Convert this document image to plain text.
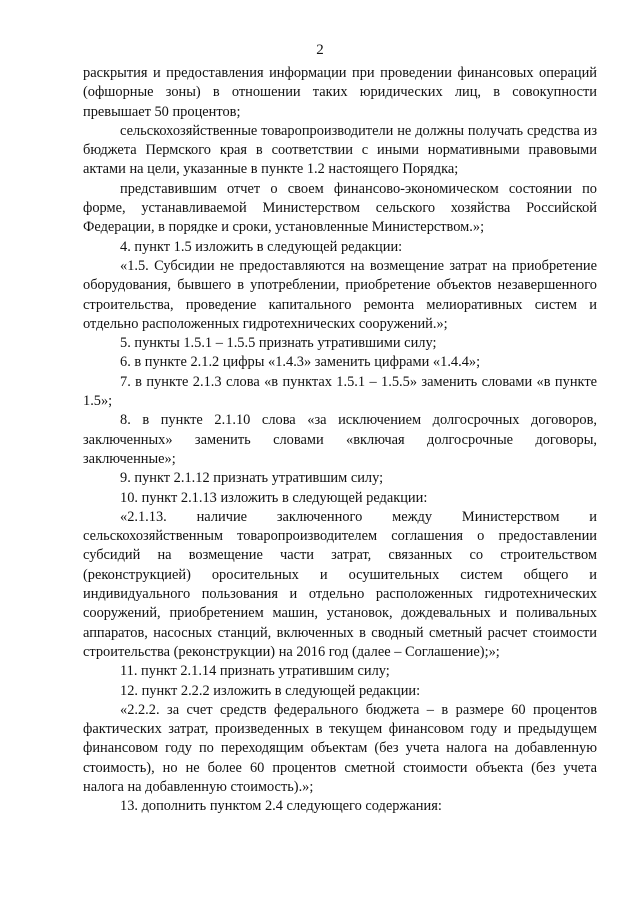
2

раскрытия и предоставления информации при проведении финансовых операций (офшорные зоны) в отношении таких юридических лиц, в совокупности превышает 50 процентов;

сельскохозяйственные товаропроизводители не должны получать средства из бюджета Пермского края в соответствии с иными нормативными правовыми актами на цели, указанные в пункте 1.2 настоящего Порядка;

представившим отчет о своем финансово-экономическом состоянии по форме, устанавливаемой Министерством сельского хозяйства Российской Федерации, в порядке и сроки, установленные Министерством.»;

4. пункт 1.5 изложить в следующей редакции:

«1.5. Субсидии не предоставляются на возмещение затрат на приобретение оборудования, бывшего в употреблении, приобретение объектов незавершенного строительства, проведение капитального ремонта мелиоративных систем и отдельно расположенных гидротехнических сооружений.»;

5. пункты 1.5.1 – 1.5.5 признать утратившими силу;

6. в пункте 2.1.2 цифры «1.4.3» заменить цифрами «1.4.4»;

7. в пункте 2.1.3 слова «в пунктах 1.5.1 – 1.5.5» заменить словами «в пункте 1.5»;

8. в пункте 2.1.10 слова «за исключением долгосрочных договоров, заключенных» заменить словами «включая долгосрочные договоры, заключенные»;

9. пункт 2.1.12 признать утратившим силу;

10. пункт 2.1.13 изложить в следующей редакции:

«2.1.13. наличие заключенного между Министерством и сельскохозяйственным товаропроизводителем соглашения о предоставлении субсидий на возмещение части затрат, связанных со строительством (реконструкцией) оросительных и осушительных систем общего и индивидуального пользования и отдельно расположенных гидротехнических сооружений, приобретением машин, установок, дождевальных и поливальных аппаратов, насосных станций, включенных в сводный сметный расчет стоимости строительства (реконструкции) на 2016 год (далее – Соглашение);»;

11. пункт 2.1.14 признать утратившим силу;

12. пункт 2.2.2 изложить в следующей редакции:

«2.2.2. за счет средств федерального бюджета – в размере 60 процентов фактических затрат, произведенных в текущем финансовом году и предыдущем финансовом году по переходящим объектам (без учета налога на добавленную стоимость), но не более 60 процентов сметной стоимости объекта (без учета налога на добавленную стоимость).»;

13. дополнить пунктом 2.4 следующего содержания:
